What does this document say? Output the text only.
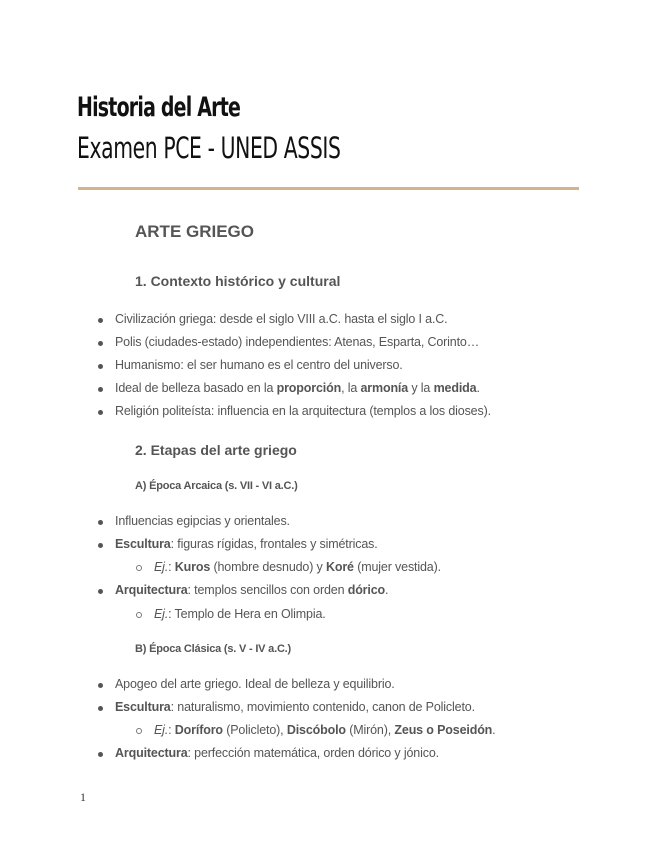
Historia del Arte
Examen PCE - UNED ASSIS
ARTE GRIEGO
1. Contexto histórico y cultural
Civilización griega: desde el siglo VIII a.C. hasta el siglo I a.C.
Polis (ciudades-estado) independientes: Atenas, Esparta, Corinto…
Humanismo: el ser humano es el centro del universo.
Ideal de belleza basado en la proporción, la armonía y la medida.
Religión politeísta: influencia en la arquitectura (templos a los dioses).
2. Etapas del arte griego
A) Época Arcaica (s. VII - VI a.C.)
Influencias egipcias y orientales.
Escultura: figuras rígidas, frontales y simétricas.
Ej.: Kuros (hombre desnudo) y Koré (mujer vestida).
Arquitectura: templos sencillos con orden dórico.
Ej.: Templo de Hera en Olimpia.
B) Época Clásica (s. V - IV a.C.)
Apogeo del arte griego. Ideal de belleza y equilibrio.
Escultura: naturalismo, movimiento contenido, canon de Policleto.
Ej.: Doríforo (Policleto), Discóbolo (Mirón), Zeus o Poseidón.
Arquitectura: perfección matemática, orden dórico y jónico.
1
